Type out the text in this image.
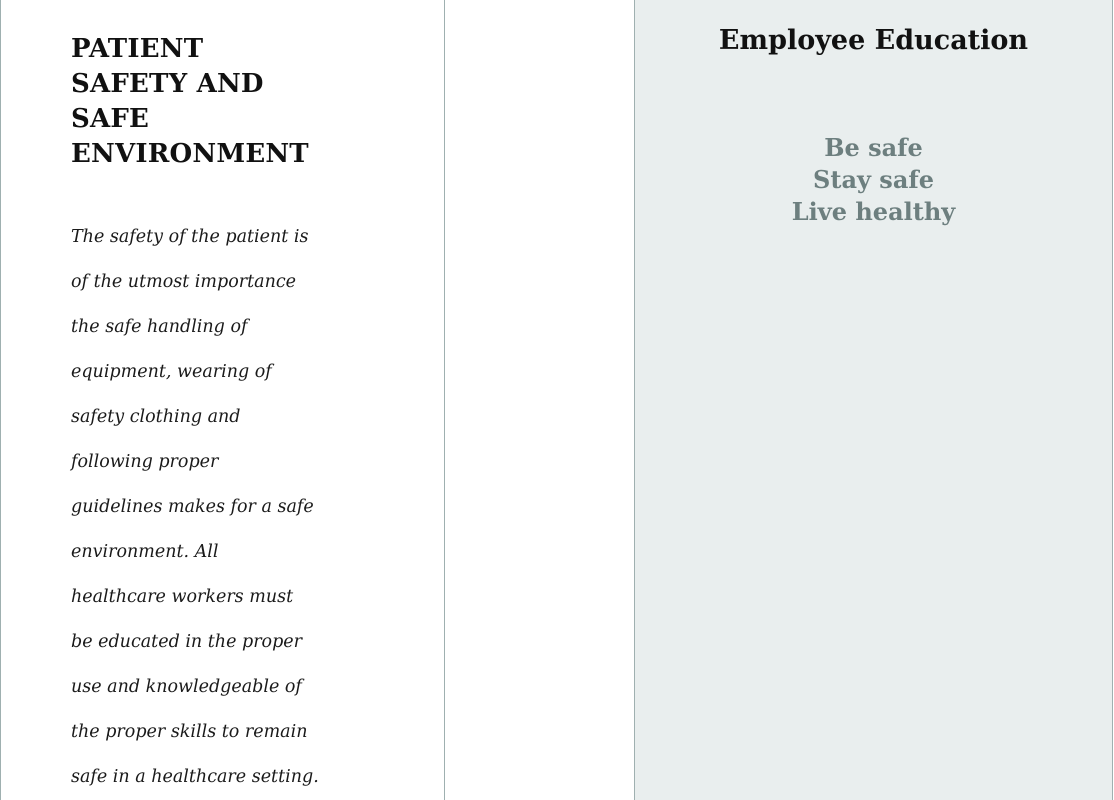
PATIENT
SAFETY AND
SAFE
ENVIRONMENT
The safety of the patient is
of the utmost importance
the safe handling of
equipment, wearing of
safety clothing and
following proper
guidelines makes for a safe
environment. All
healthcare workers must
be educated in the proper
use and knowledgeable of
the proper skills to remain
safe in a healthcare setting.
Employee Education
Be safe
Stay safe
Live healthy
